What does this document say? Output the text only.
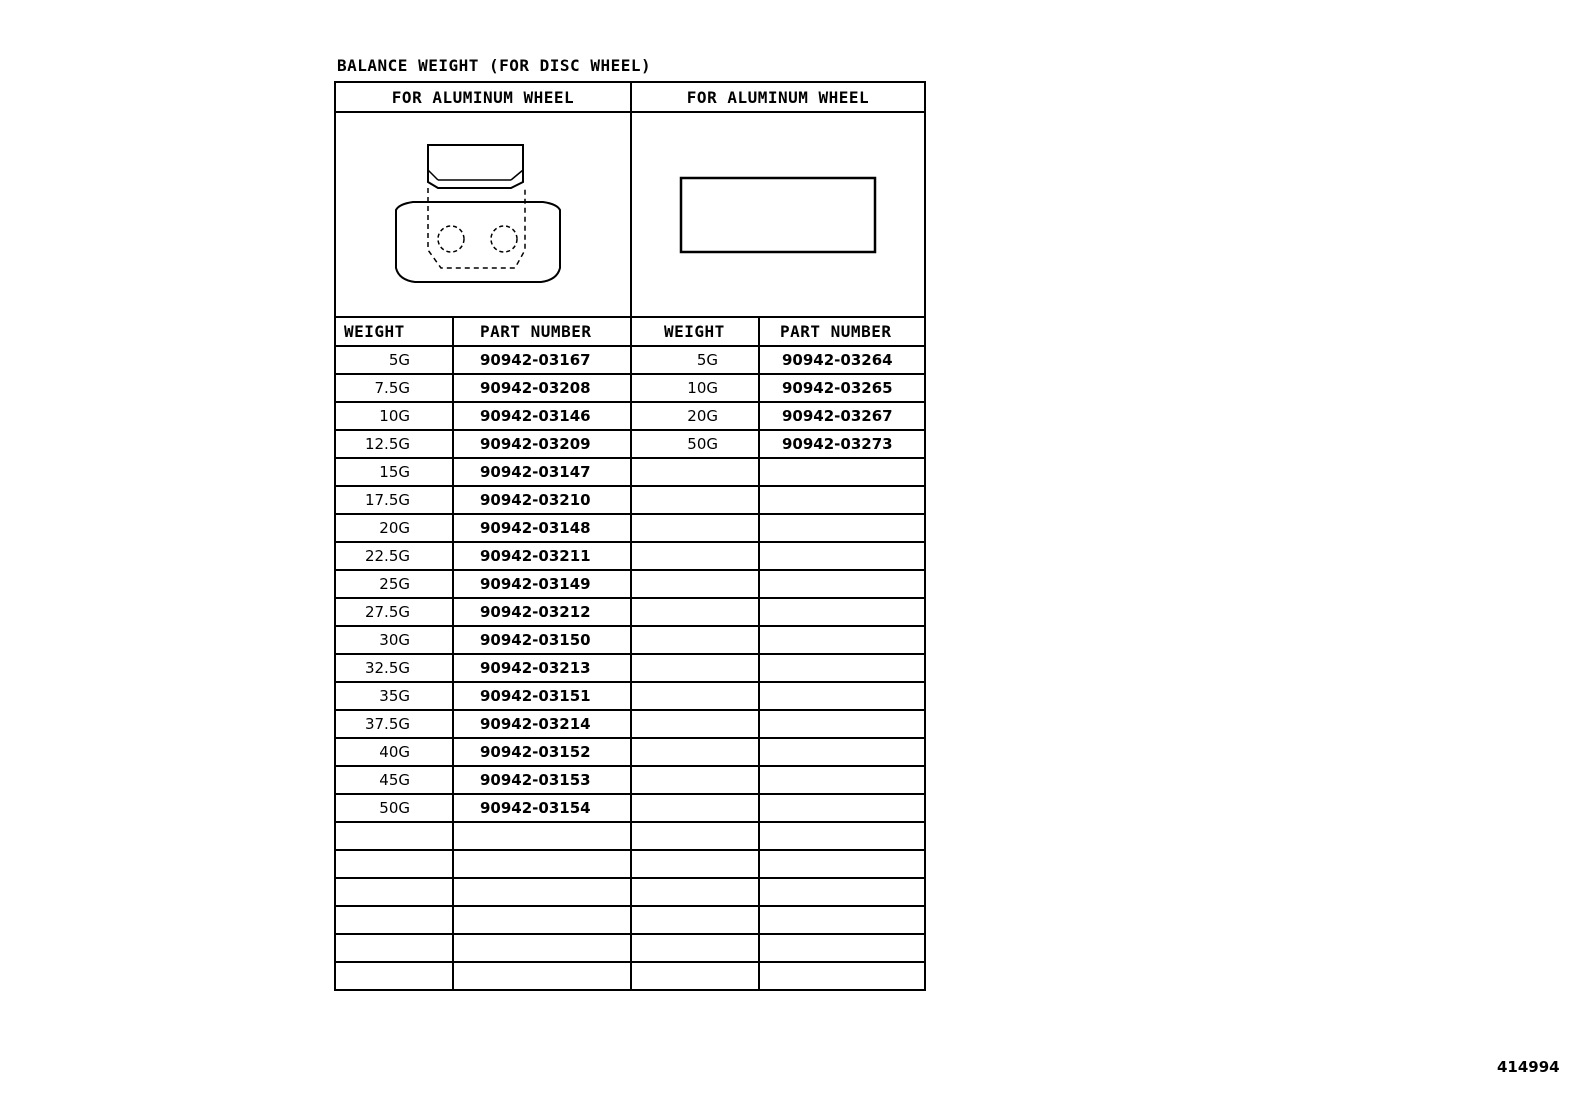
BALANCE WEIGHT (FOR DISC WHEEL)
FOR ALUMINUM WHEEL		FOR ALUMINUM WHEEL	

WEIGHT	PART NUMBER	WEIGHT	PART NUMBER
5G	90942-03167	5G	90942-03264
7.5G	90942-03208	10G	90942-03265
10G	90942-03146	20G	90942-03267
12.5G	90942-03209	50G	90942-03273
15G	90942-03147		
17.5G	90942-03210		
20G	90942-03148		
22.5G	90942-03211		
25G	90942-03149		
27.5G	90942-03212		
30G	90942-03150		
32.5G	90942-03213		
35G	90942-03151		
37.5G	90942-03214		
40G	90942-03152		
45G	90942-03153		
50G	90942-03154		

414994
